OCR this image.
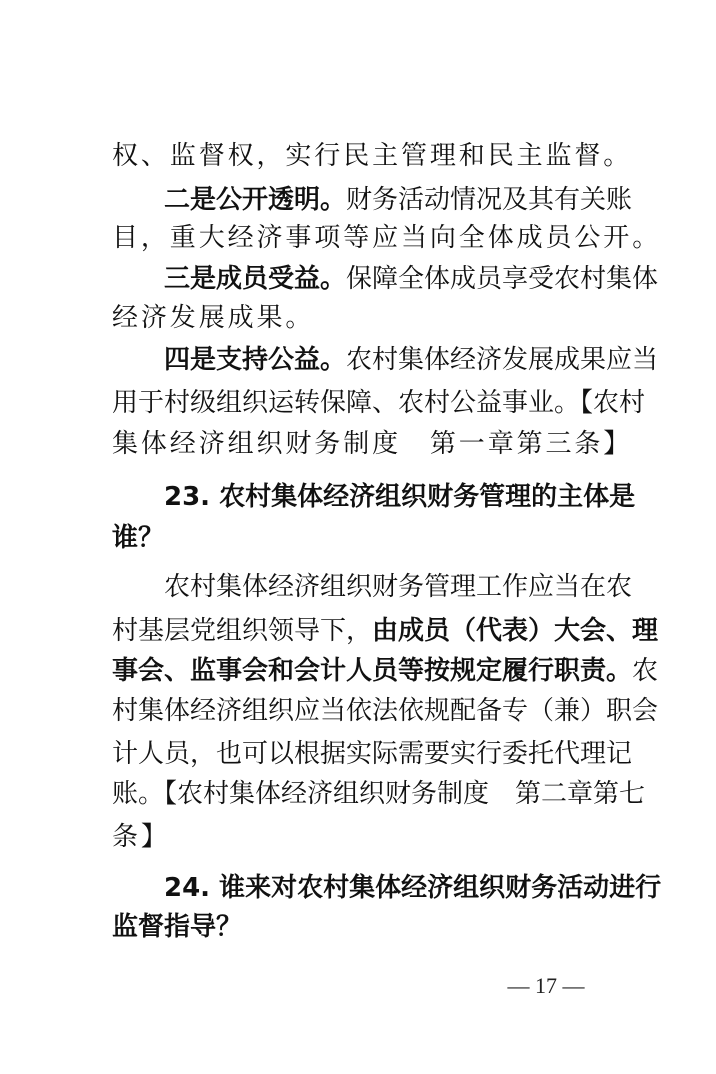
权、监督权，实行民主管理和民主监督。
二是公开透明。财务活动情况及其有关账
目，重大经济事项等应当向全体成员公开。
三是成员受益。保障全体成员享受农村集体
经济发展成果。
四是支持公益。农村集体经济发展成果应当
用于村级组织运转保障、农村公益事业。【农村
集体经济组织财务制度　第一章第三条】
23. 农村集体经济组织财务管理的主体是
谁？
农村集体经济组织财务管理工作应当在农
村基层党组织领导下，由成员（代表）大会、理
事会、监事会和会计人员等按规定履行职责。农
村集体经济组织应当依法依规配备专（兼）职会
计人员，也可以根据实际需要实行委托代理记
账。【农村集体经济组织财务制度　第二章第七
条】
24. 谁来对农村集体经济组织财务活动进行
监督指导？
— 17 —
